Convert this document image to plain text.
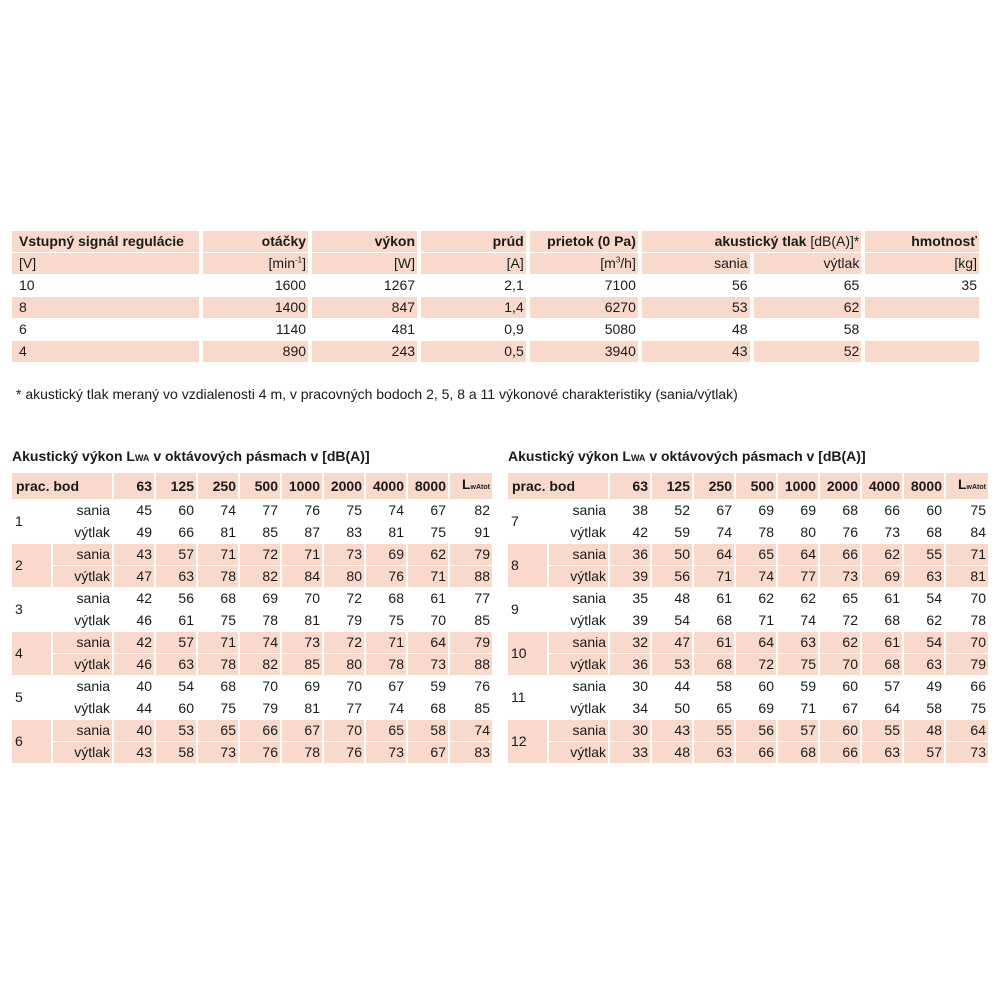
Vstupný signál regulácie	otáčky	výkon	prúd	prietok (0 Pa)	akustický tlak [dB(A)]*		hmotnosť
[V]	$[\min^{-1}]$	[W]	[A]	$[m^3/h]$	sania	výtlak	[kg]
10	1600	1267	2,1	7100	56	65	35
8	1400	847	1,4	6270	53	62	
6	1140	481	0,9	5080	48	58	
4	890	243	0,5	3940	43	52	
* akustický tlak meraný vo vzdialenosti 4 m, v pracovných bodoch 2, 5, 8 a 11 výkonové charakteristiky (sania/výtlak)
Akustický výkon LWA v oktávových pásmach v [dB(A)]	Akustický výkon LWA v oktávových pásmach v [dB(A)]
prac. bod		63	125	250	500	1000	2000	4000	8000	LwAtot
1	sania	45	60	74	77	76	75	74	67	82
	výtlak	49	66	81	85	87	83	81	75	91
2	sania	43	57	71	72	71	73	69	62	79
	výtlak	47	63	78	82	84	80	76	71	88
3	sania	42	56	68	69	70	72	68	61	77
	výtlak	46	61	75	78	81	79	75	70	85
4	sania	42	57	71	74	73	72	71	64	79
	výtlak	46	63	78	82	85	80	78	73	88
5	sania	40	54	68	70	69	70	67	59	76
	výtlak	44	60	75	79	81	77	74	68	85
6	sania	40	53	65	66	67	70	65	58	74
	výtlak	43	58	73	76	78	76	73	67	83
prac. bod		63	125	250	500	1000	2000	4000	8000	LwAtot
7	sania	38	52	67	69	69	68	66	60	75
	výtlak	42	59	74	78	80	76	73	68	84
8	sania	36	50	64	65	64	66	62	55	71
	výtlak	39	56	71	74	77	73	69	63	81
9	sania	35	48	61	62	62	65	61	54	70
	výtlak	39	54	68	71	74	72	68	62	78
10	sania	32	47	61	64	63	62	61	54	70
	výtlak	36	53	68	72	75	70	68	63	79
11	sania	30	44	58	60	59	60	57	49	66
	výtlak	34	50	65	69	71	67	64	58	75
12	sania	30	43	55	56	57	60	55	48	64
	výtlak	33	48	63	66	68	66	63	57	73
